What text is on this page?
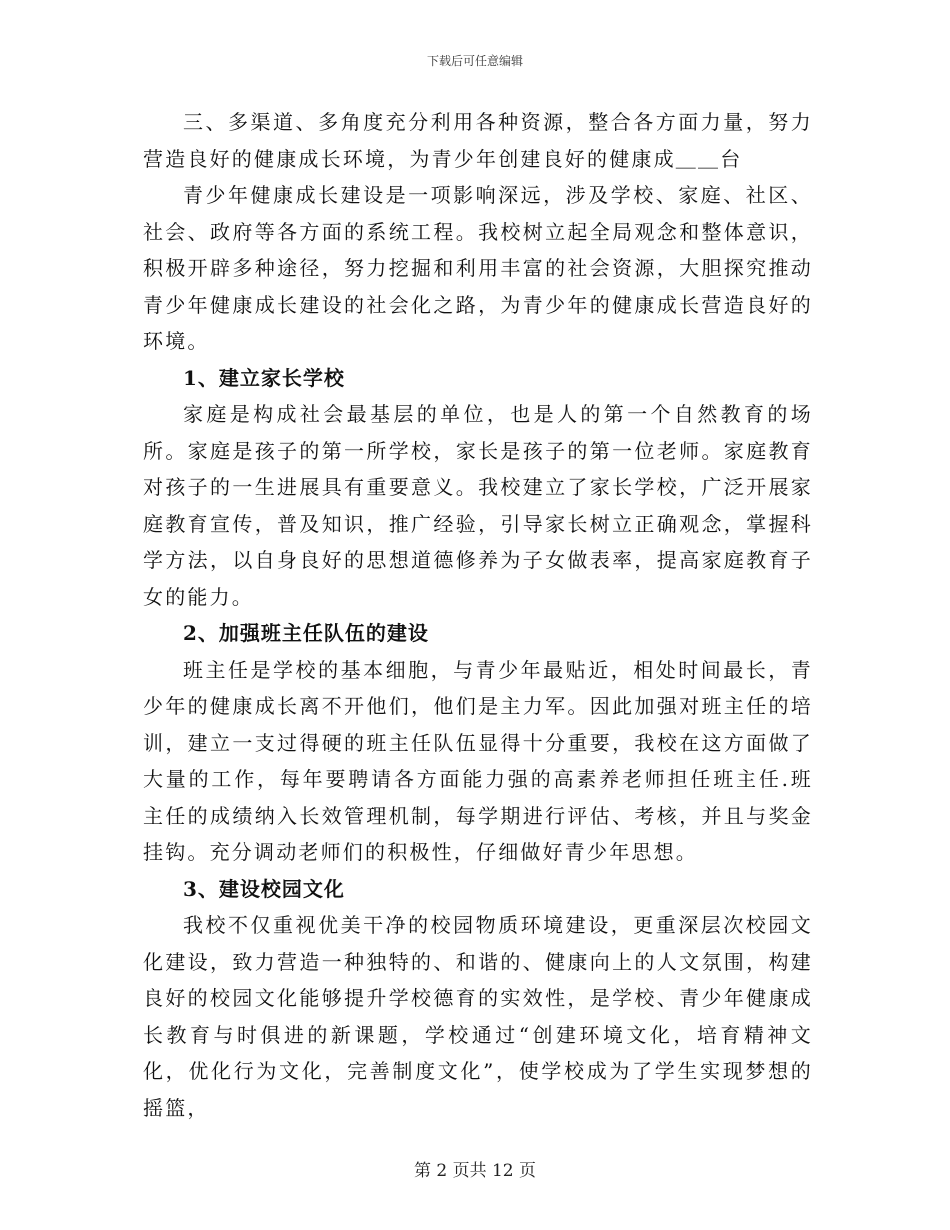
下载后可任意编辑

三、多渠道、多角度充分利用各种资源，整合各方面力量，努力营造良好的健康成长环境，为青少年创建良好的健康成＿＿台

青少年健康成长建设是一项影响深远，涉及学校、家庭、社区、社会、政府等各方面的系统工程。我校树立起全局观念和整体意识，积极开辟多种途径，努力挖掘和利用丰富的社会资源，大胆探究推动青少年健康成长建设的社会化之路，为青少年的健康成长营造良好的环境。

1、建立家长学校

家庭是构成社会最基层的单位，也是人的第一个自然教育的场所。家庭是孩子的第一所学校，家长是孩子的第一位老师。家庭教育对孩子的一生进展具有重要意义。我校建立了家长学校，广泛开展家庭教育宣传，普及知识，推广经验，引导家长树立正确观念，掌握科学方法，以自身良好的思想道德修养为子女做表率，提高家庭教育子女的能力。

2、加强班主任队伍的建设

班主任是学校的基本细胞，与青少年最贴近，相处时间最长，青少年的健康成长离不开他们，他们是主力军。因此加强对班主任的培训，建立一支过得硬的班主任队伍显得十分重要，我校在这方面做了大量的工作，每年要聘请各方面能力强的高素养老师担任班主任.班主任的成绩纳入长效管理机制，每学期进行评估、考核，并且与奖金挂钩。充分调动老师们的积极性，仔细做好青少年思想。

3、建设校园文化

我校不仅重视优美干净的校园物质环境建设，更重深层次校园文化建设，致力营造一种独特的、和谐的、健康向上的人文氛围，构建良好的校园文化能够提升学校德育的实效性，是学校、青少年健康成长教育与时俱进的新课题，学校通过“创建环境文化，培育精神文化，优化行为文化，完善制度文化”，使学校成为了学生实现梦想的摇篮，

第 2 页共 12 页
